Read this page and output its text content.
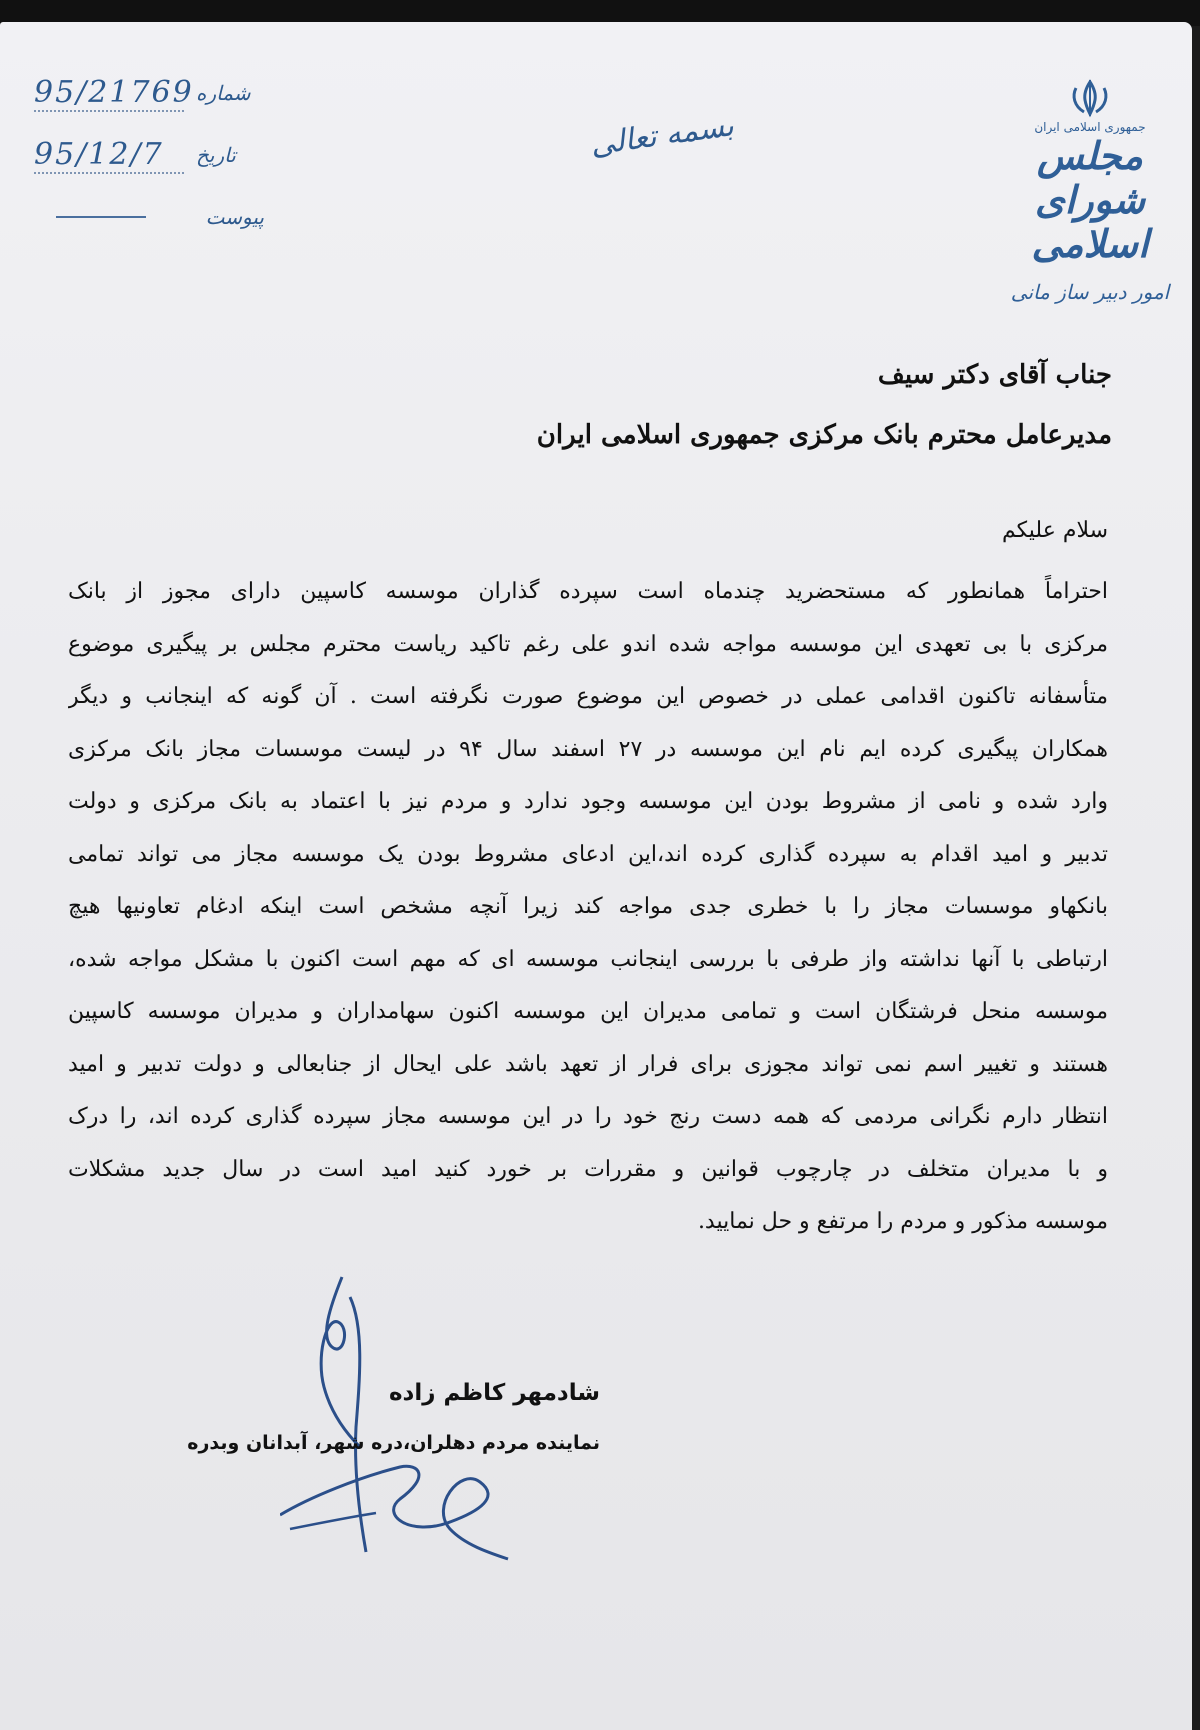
95/21769 شماره
95/12/7	تاریخ
پیوست
بسمه تعالی	جمهوری اسلامی ایران
مجلس شورای اسلامی
امور دبیر ساز مانی
جناب آقای دکتر سیف
مدیرعامل محترم بانک مرکزی جمهوری اسلامی ایران
سلام علیکم
احتراماً همانطور که مستحضرید چندماه است سپرده گذاران موسسه کاسپین دارای مجوز از بانک
مرکزی با بی تعهدی این موسسه مواجه شده اندو علی رغم تاکید ریاست محترم مجلس بر پیگیری موضوع
متأسفانه تاکنون اقدامی عملی در خصوص این موضوع صورت نگرفته است . آن گونه که اینجانب و دیگر
همکاران پیگیری کرده ایم نام این موسسه در ۲۷ اسفند سال ۹۴ در لیست موسسات مجاز بانک مرکزی
وارد شده و نامی از مشروط بودن این موسسه وجود ندارد و مردم نیز با اعتماد به بانک مرکزی و دولت
تدبیر و امید اقدام به سپرده گذاری کرده اند،این ادعای مشروط بودن یک موسسه مجاز می تواند تمامی
بانکهاو موسسات مجاز را با خطری جدی مواجه کند زیرا آنچه مشخص است اینکه ادغام تعاونیها هیچ
ارتباطی با آنها نداشته واز طرفی با بررسی اینجانب موسسه ای که مهم است اکنون با مشکل مواجه شده،
موسسه منحل فرشتگان است و تمامی مدیران این موسسه اکنون سهامداران و مدیران موسسه کاسپین
هستند و تغییر اسم نمی تواند مجوزی برای فرار از تعهد باشد علی ایحال از جنابعالی و دولت تدبیر و امید
انتظار دارم نگرانی مردمی که همه دست رنج خود را در این موسسه مجاز سپرده گذاری کرده اند، را درک
و با مدیران متخلف در چارچوب قوانین و مقررات بر خورد کنید امید است در سال جدید مشکلات
موسسه مذکور و مردم را مرتفع و حل نمایید.
شادمهر کاظم زاده
نماینده مردم دهلران،دره شهر، آبدانان وبدره
